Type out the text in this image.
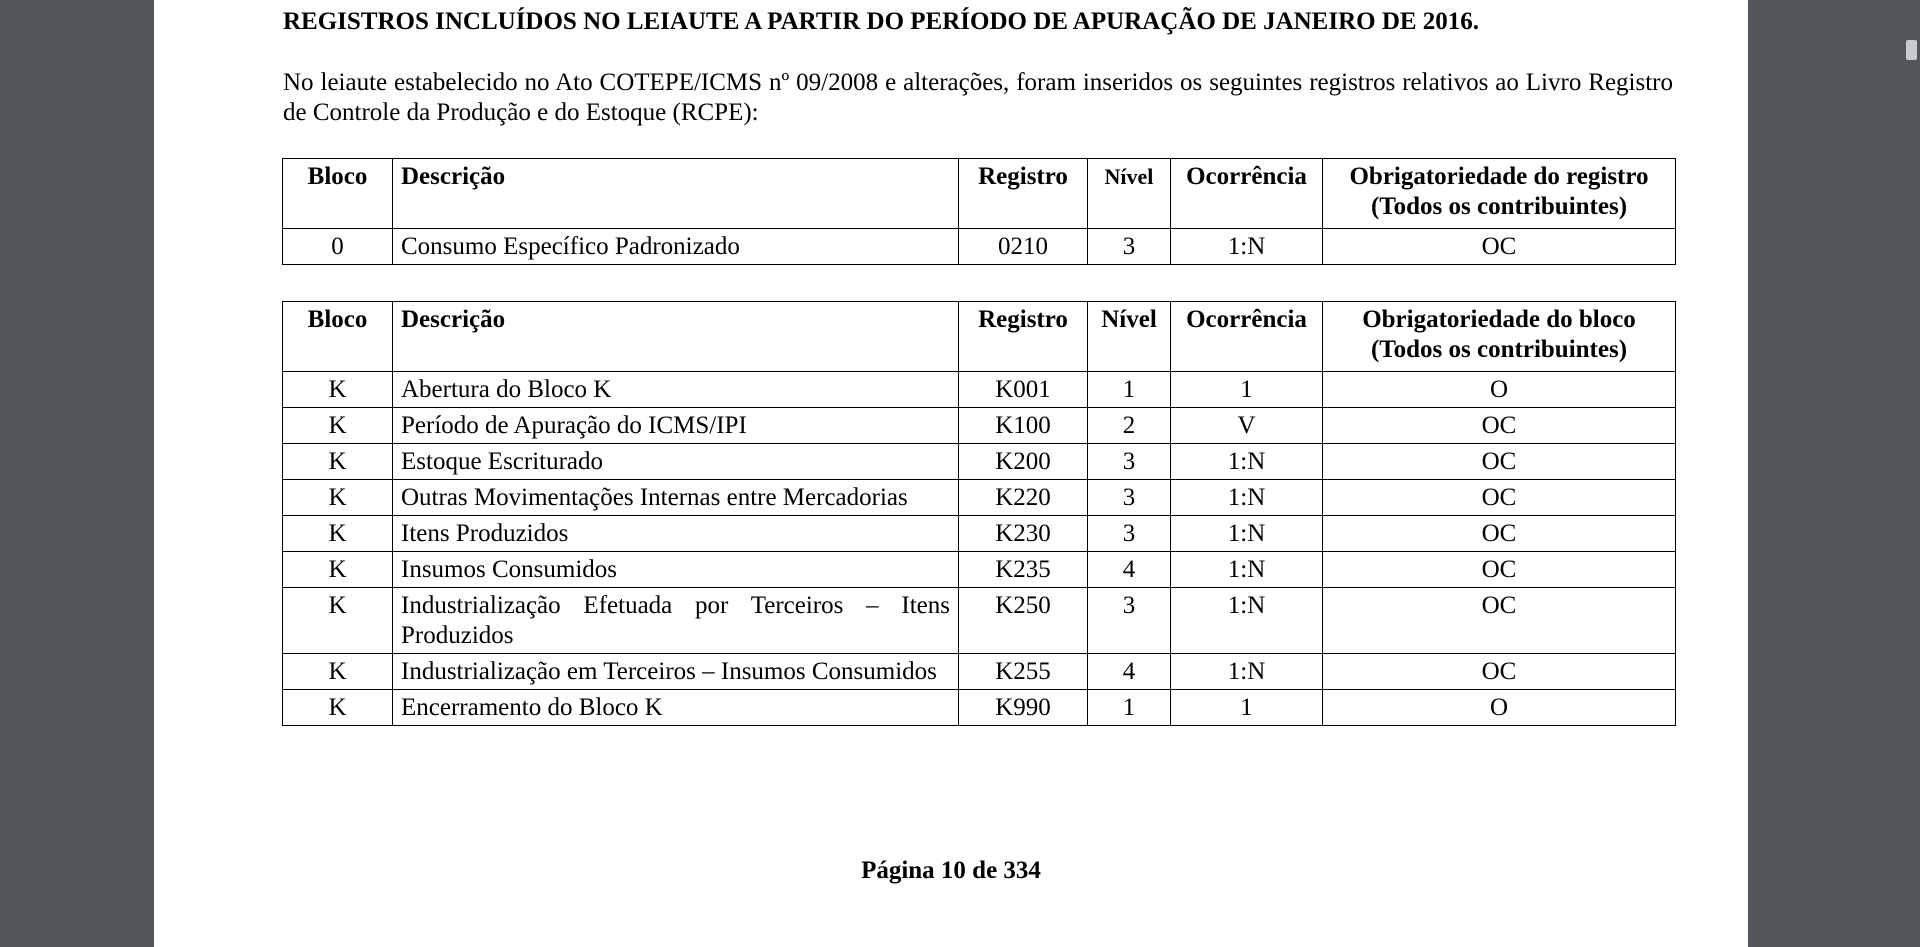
REGISTROS INCLUÍDOS NO LEIAUTE A PARTIR DO PERÍODO DE APURAÇÃO DE JANEIRO DE 2016.
No leiaute estabelecido no Ato COTEPE/ICMS nº 09/2008 e alterações, foram inseridos os seguintes registros relativos ao Livro Registro de Controle da Produção e do Estoque (RCPE):
Bloco	Descrição	Registro	Nível	Ocorrência	Obrigatoriedade do registro
(Todos os contribuintes)
0	Consumo Específico Padronizado	0210	3	1:N	OC
Bloco	Descrição	Registro	Nível	Ocorrência	Obrigatoriedade do bloco
(Todos os contribuintes)
K	Abertura do Bloco K	K001	1	1	O
K	Período de Apuração do ICMS/IPI	K100	2	V	OC
K	Estoque Escriturado	K200	3	1:N	OC
K	Outras Movimentações Internas entre Mercadorias	K220	3	1:N	OC
K	Itens Produzidos	K230	3	1:N	OC
K	Insumos Consumidos	K235	4	1:N	OC
K	Industrialização Efetuada por Terceiros – Itens Produzidos	K250	3	1:N	OC
K	Industrialização em Terceiros – Insumos Consumidos	K255	4	1:N	OC
K	Encerramento do Bloco K	K990	1	1	O
Página 10 de 334
